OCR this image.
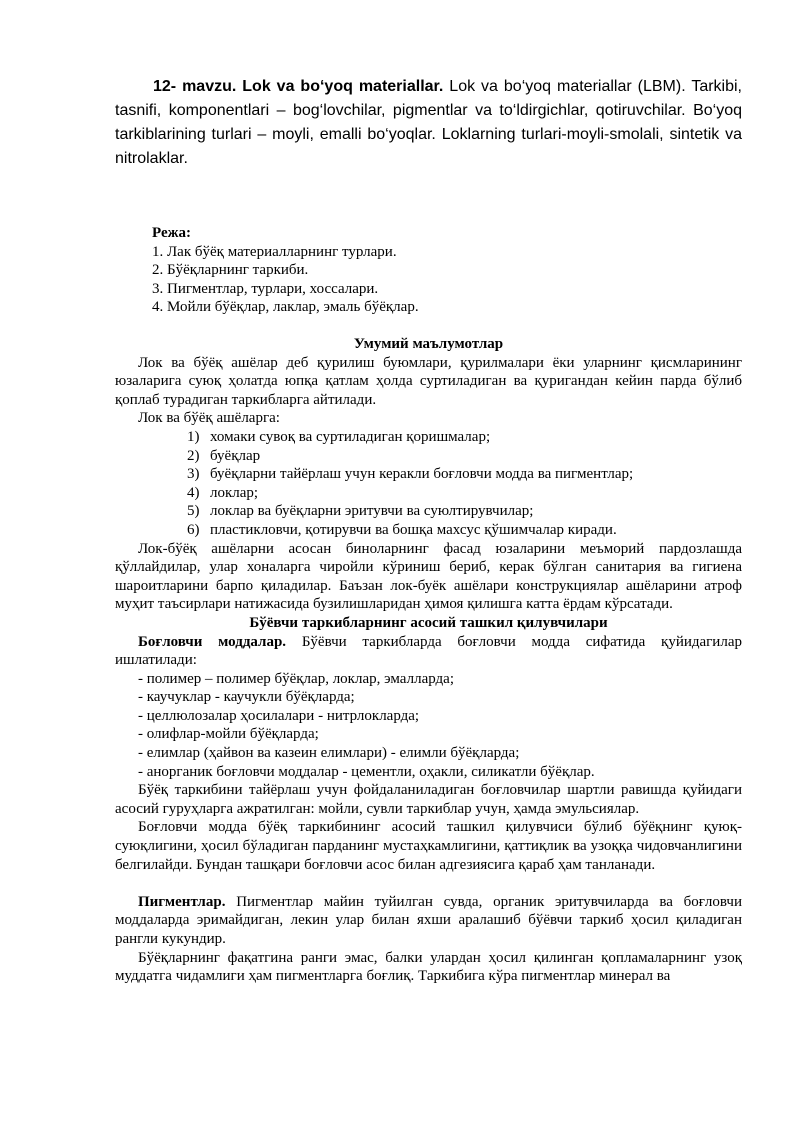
12- mavzu. Lok va bo‘yoq materiallar. Lok va bo‘yoq materiallar (LBM). Tarkibi, tasnifi, komponentlari – bog‘lovchilar, pigmentlar va to‘ldirgichlar, qotiruvchilar. Bo‘yoq tarkiblarining turlari – moyli, emalli bo‘yoqlar. Loklarning turlari-moyli-smolali, sintetik va nitrolaklar.

Режа:

1. Лак бўёқ материалларнинг турлари.
2. Бўёқларнинг таркиби.
3. Пигментлар, турлари, хоссалари.
4. Мойли бўёқлар, лаклар, эмаль бўёқлар.

Умумий маълумотлар

Лок ва бўёқ ашёлар деб қурилиш буюмлари, қурилмалари ёки уларнинг қисмларининг юзаларига суюқ ҳолатда юпқа қатлам ҳолда суртиладиган ва қуригандан кейин парда бўлиб қоплаб турадиган таркибларга айтилади.

Лок ва бўёқ ашёларга:

1) хомаки сувоқ ва суртиладиган қоришмалар;
2) буёқлар
3) буёқларни тайёрлаш учун керакли боғловчи модда ва пигментлар;
4) локлар;
5) локлар ва буёқларни эритувчи ва суюлтирувчилар;
6) пластикловчи, қотирувчи ва бошқа махсус қўшимчалар киради.

Лок-бўёқ ашёларни асосан биноларнинг фасад юзаларини меъморий пардозлашда қўллайдилар, улар хоналарга чиройли кўриниш бериб, керак бўлган санитария ва гигиена шароитларини барпо қиладилар. Баъзан лок-буёк ашёлари конструкциялар ашёларини атроф муҳит таъсирлари натижасида бузилишларидан ҳимоя қилишга катта ёрдам кўрсатади.

Бўёвчи таркибларнинг асосий ташкил қилувчилари

Боғловчи моддалар. Бўёвчи таркибларда боғловчи модда сифатида қуйидагилар ишлатилади:

- полимер – полимер бўёқлар, локлар, эмалларда;
- каучуклар - каучукли бўёқларда;
- целлюлозалар ҳосилалари - нитрлокларда;
- олифлар-мойли бўёқларда;
- елимлар (ҳайвон ва казеин елимлари) - елимли бўёқларда;
- анорганик боғловчи моддалар - цементли, оҳакли, силикатли бўёқлар.

Бўёқ таркибини тайёрлаш учун фойдаланиладиган боғловчилар шартли равишда қуйидаги асосий гуруҳларга ажратилган: мойли, сувли таркиблар учун, ҳамда эмульсиялар.

Боғловчи модда бўёқ таркибининг асосий ташкил қилувчиси бўлиб бўёқнинг қуюқ-суюқлигини, ҳосил бўладиган парданинг мустаҳкамлигини, қаттиқлик ва узоққа чидовчанлигини белгилайди. Бундан ташқари боғловчи асос билан адгезиясига қараб ҳам танланади.

Пигментлар. Пигментлар майин туйилган сувда, органик эритувчиларда ва боғловчи моддаларда эримайдиган, лекин улар билан яхши аралашиб бўёвчи таркиб ҳосил қиладиган рангли кукундир.

Бўёқларнинг фақатгина ранги эмас, балки улардан ҳосил қилинган қопламаларнинг узоқ муддатга чидамлиги ҳам пигментларга боғлиқ. Таркибига кўра пигментлар минерал ва
